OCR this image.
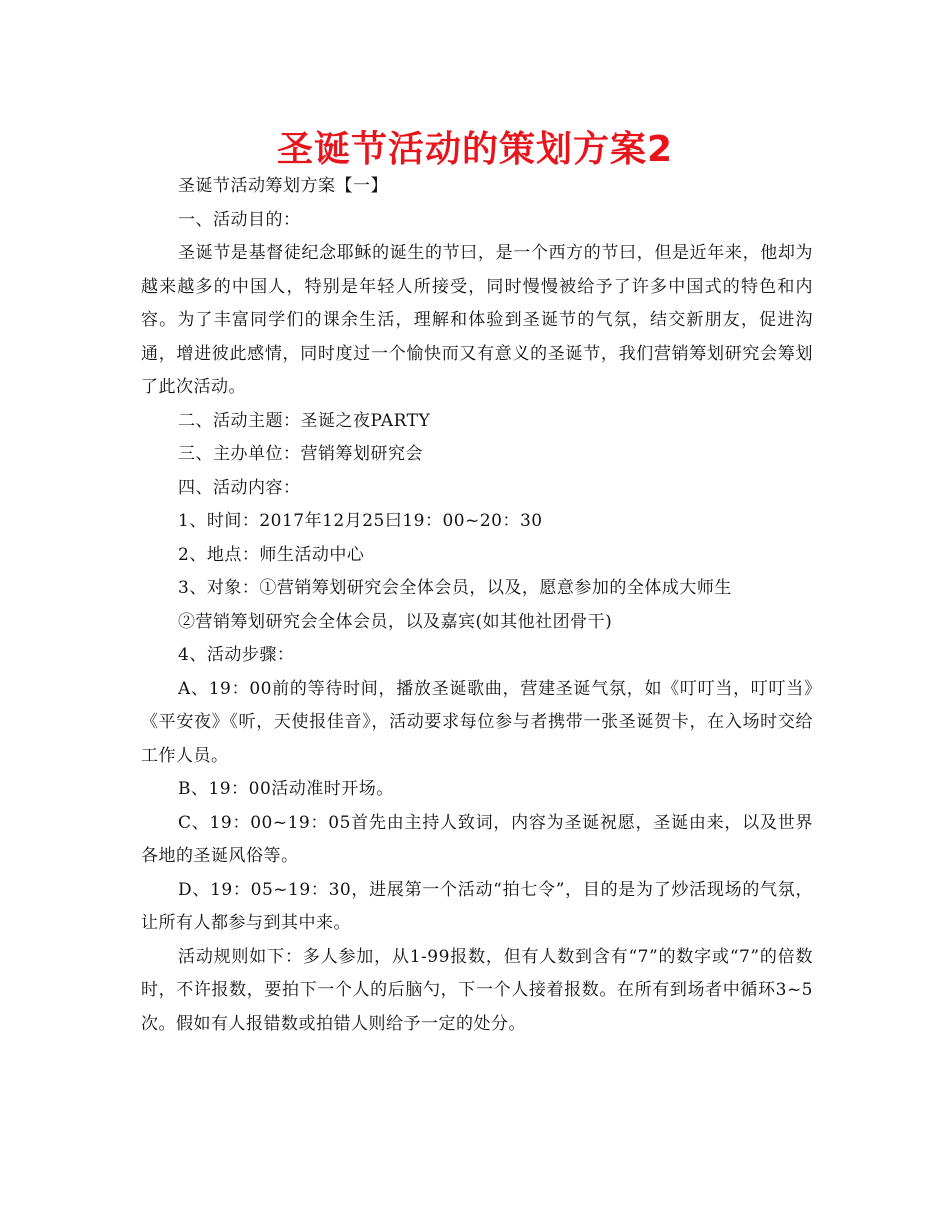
圣诞节活动的策划方案2

圣诞节活动筹划方案【一】

一、活动目的：

圣诞节是基督徒纪念耶稣的诞生的节曰，是一个西方的节曰，但是近年来，他却为越来越多的中国人，特别是年轻人所接受，同时慢慢被给予了许多中国式的特色和内容。为了丰富同学们的课余生活，理解和体验到圣诞节的气氛，结交新朋友，促进沟通，增进彼此感情，同时度过一个愉快而又有意义的圣诞节，我们营销筹划研究会筹划了此次活动。

二、活动主题：圣诞之夜PARTY

三、主办单位：营销筹划研究会

四、活动内容：

1、时间：2017年12月25曰19：00~20：30

2、地点：师生活动中心

3、对象：①营销筹划研究会全体会员，以及，愿意参加的全体成大师生

②营销筹划研究会全体会员，以及嘉宾(如其他社团骨干)

4、活动步骤：

A、19：00前的等待时间，播放圣诞歌曲，营建圣诞气氛，如《叮叮当，叮叮当》《平安夜》《听，天使报佳音》，活动要求每位参与者携带一张圣诞贺卡，在入场时交给工作人员。

B、19：00活动准时开场。

C、19：00~19：05首先由主持人致词，内容为圣诞祝愿，圣诞由来，以及世界各地的圣诞风俗等。

D、19：05~19：30，进展第一个活动“拍七令”，目的是为了炒活现场的气氛，让所有人都参与到其中来。

活动规则如下：多人参加，从1-99报数，但有人数到含有“7”的数字或“7”的倍数时，不许报数，要拍下一个人的后脑勺，下一个人接着报数。在所有到场者中循环3~5次。假如有人报错数或拍错人则给予一定的处分。
